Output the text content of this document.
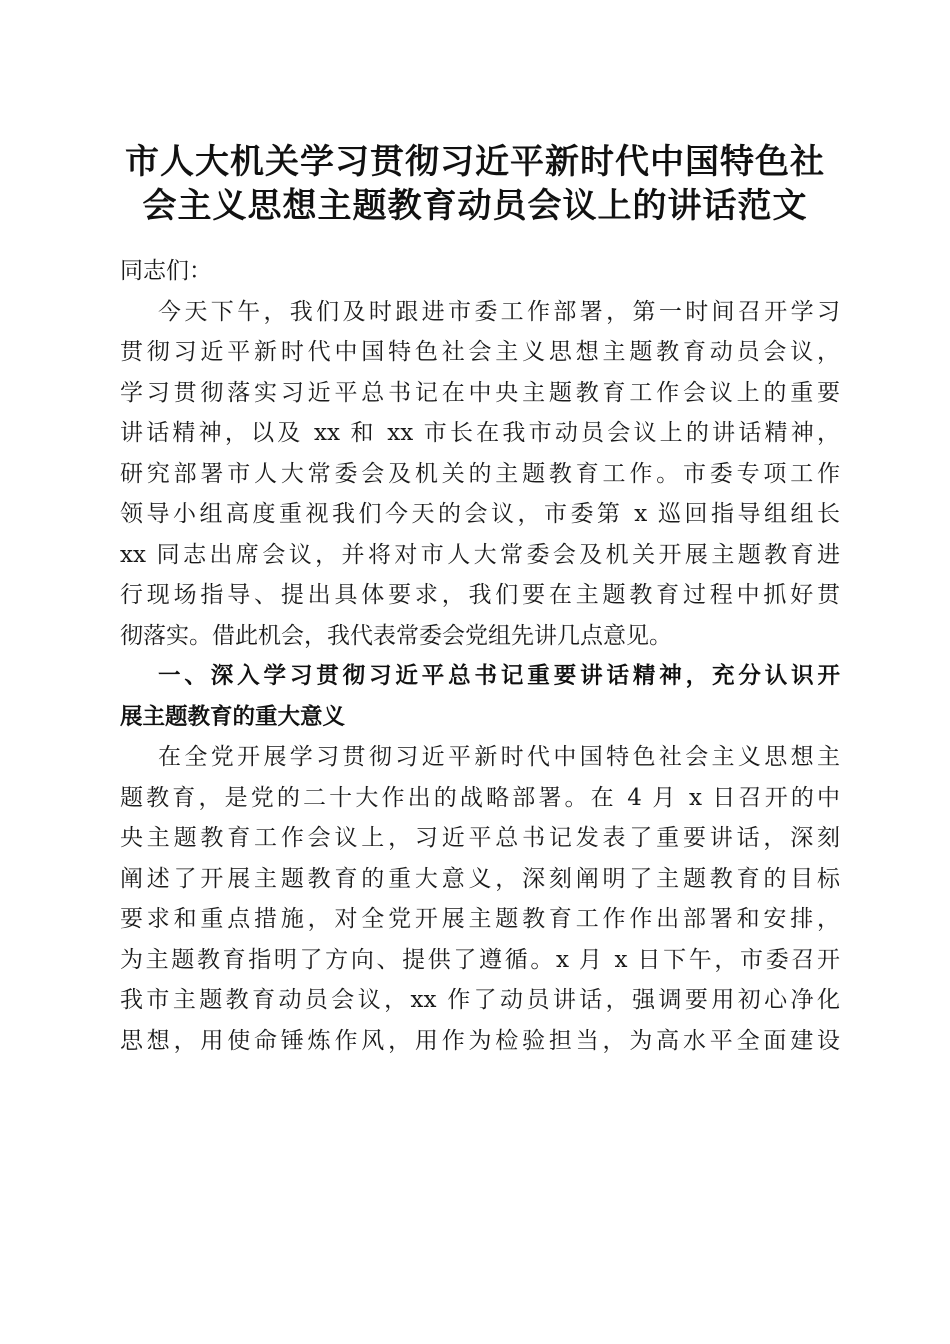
市人大机关学习贯彻习近平新时代中国特色社
会主义思想主题教育动员会议上的讲话范文
同志们：
今天下午，我们及时跟进市委工作部署，第一时间召开学习
贯彻习近平新时代中国特色社会主义思想主题教育动员会议，
学习贯彻落实习近平总书记在中央主题教育工作会议上的重要
讲话精神，以及 xx 和 xx 市长在我市动员会议上的讲话精神，
研究部署市人大常委会及机关的主题教育工作。市委专项工作
领导小组高度重视我们今天的会议，市委第 x 巡回指导组组长
xx 同志出席会议，并将对市人大常委会及机关开展主题教育进
行现场指导、提出具体要求，我们要在主题教育过程中抓好贯
彻落实。借此机会，我代表常委会党组先讲几点意见。
一、深入学习贯彻习近平总书记重要讲话精神，充分认识开
展主题教育的重大意义
在全党开展学习贯彻习近平新时代中国特色社会主义思想主
题教育，是党的二十大作出的战略部署。在 4 月 x 日召开的中
央主题教育工作会议上，习近平总书记发表了重要讲话，深刻
阐述了开展主题教育的重大意义，深刻阐明了主题教育的目标
要求和重点措施，对全党开展主题教育工作作出部署和安排，
为主题教育指明了方向、提供了遵循。x 月 x 日下午，市委召开
我市主题教育动员会议，xx 作了动员讲话，强调要用初心净化
思想，用使命锤炼作风，用作为检验担当，为高水平全面建设
